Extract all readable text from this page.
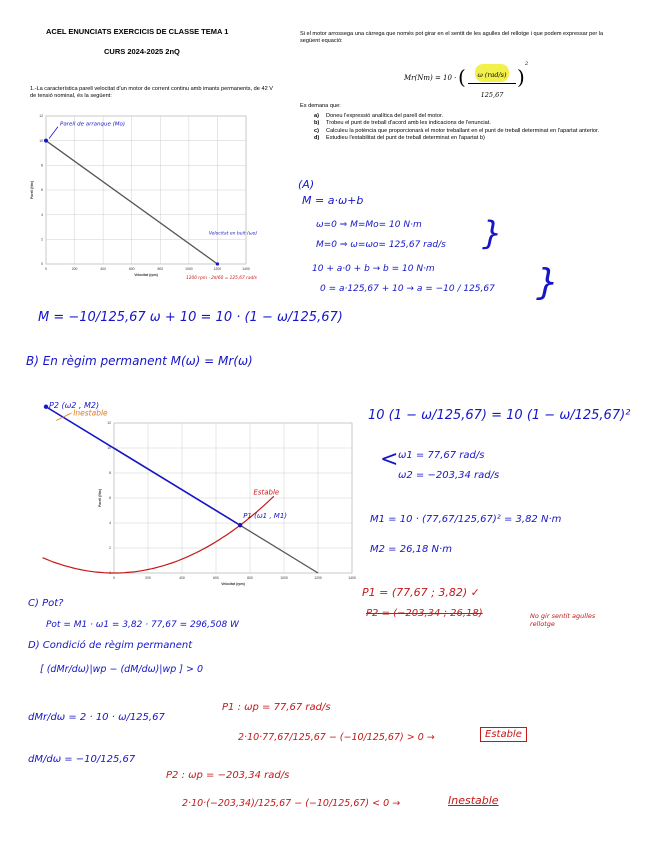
ACEL ENUNCIATS EXERCICIS DE CLASSE TEMA 1
CURS 2024-2025 2nQ
1.-La característica parell velocitat d'un motor de corrent continu amb imants permanents, de 42 V de tensió nominal, és la següent:
Si el motor arrossega una càrrega que només pot girar en el sentit de les agulles del rellotge i que podem expressar per la següent equació:
Mr(Nm) = 10 · (	ω (rad/s)
125,67
)
2
Es demana que:
a)	Doneu l'expressió analítica del parell del motor.
b)	Trobeu el punt de treball d'acord amb les indicacions de l'enunciat.
c)	Calculeu la potència que proporcionarà el motor treballant en el punt de treball determinat en l'apartat anterior.
d)	Estudieu l'estabilitat del punt de treball determinat en l'apartat b)
0	200	400	600	800	1000	1200	1400
0
2
4
6
8
10
12
Velocitat (rpm)
Parell (Nm)
Parell de arranque (Mo)
Velocitat en buit (ωo)
1200 rpm · 2π/60 = 125,67 rad/s
0	200	400	600	800	1000	1200	1400
0
2
4
6
8
10
12
Velocitat (rpm)
Parell (Nm)
P2 (ω2 , M2)
Inestable
Estable
P1 (ω1 , M1)
(A)
M = a·ω+b
ω=0 ⇒ M=Mo= 10 N·m
M=0 ⇒ ω=ωo= 125,67 rad/s }
10 + a·0 + b → b = 10 N·m
0 = a·125,67 + 10 → a = −10 / 125,67 }
M = −10/125,67 ω + 10 = 10 · (1 − ω/125,67)
B) En règim permanent M(ω) = Mr(ω)
10 (1 − ω/125,67) = 10 (1 − ω/125,67)²
< ω1 = 77,67 rad/s
ω2 = −203,34 rad/s
M1 = 10 · (77,67/125,67)² = 3,82 N·m
M2 = 26,18 N·m
P1 = (77,67 ; 3,82) ✓
P2 = (−203,34 ; 26,18)	No gir sentit agulles rellotge
C) Pot?
Pot = M1 · ω1 = 3,82 · 77,67 = 296,508 W
D) Condició de règim permanent
[ (dMr/dω)|wp − (dM/dω)|wp ] > 0
dMr/dω = 2 · 10 · ω/125,67
dM/dω = −10/125,67
P1 : ωp = 77,67 rad/s
2·10·77,67/125,67 − (−10/125,67) > 0 →	Estable
P2 : ωp = −203,34 rad/s
2·10·(−203,34)/125,67 − (−10/125,67) < 0 →	Inestable
